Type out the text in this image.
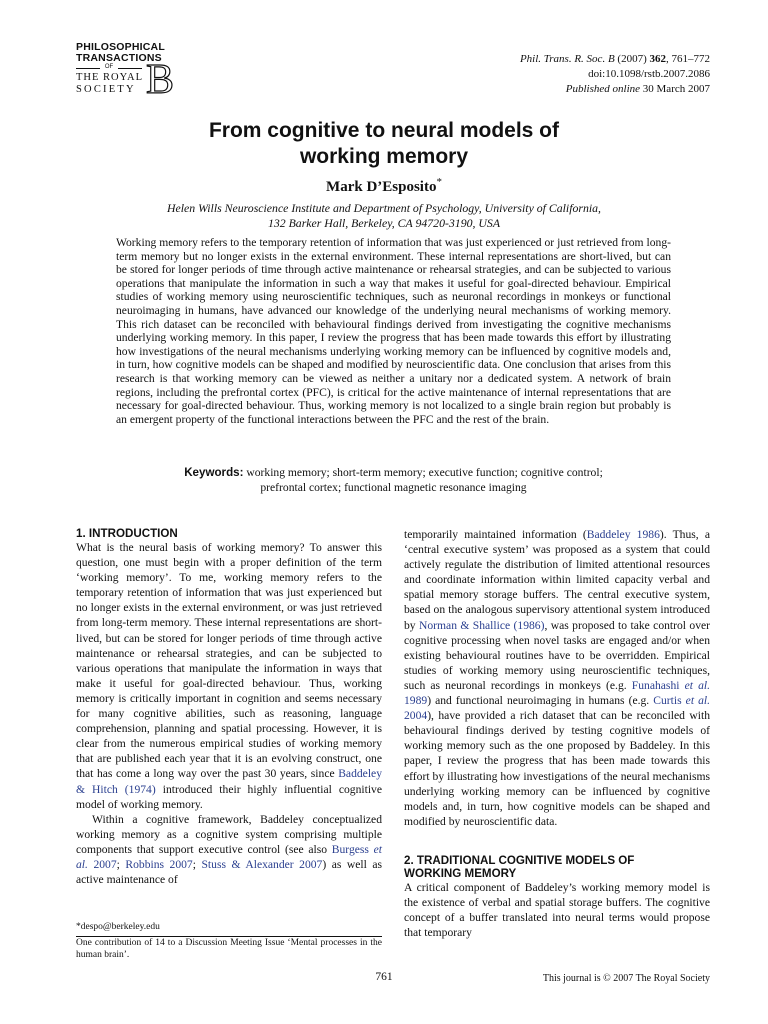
PHILOSOPHICAL
TRANSACTIONS
OF
THE ROYAL
SOCIETY B	Phil. Trans. R. Soc. B (2007) 362, 761–772
doi:10.1098/rstb.2007.2086
Published online 30 March 2007
From cognitive to neural models of
working memory
Mark D’Esposito*
Helen Wills Neuroscience Institute and Department of Psychology, University of California,
132 Barker Hall, Berkeley, CA 94720-3190, USA
Working memory refers to the temporary retention of information that was just experienced or just retrieved from long-term memory but no longer exists in the external environment. These internal representations are short-lived, but can be stored for longer periods of time through active maintenance or rehearsal strategies, and can be subjected to various operations that manipulate the information in such a way that makes it useful for goal-directed behaviour. Empirical studies of working memory using neuroscientific techniques, such as neuronal recordings in monkeys or functional neuroimaging in humans, have advanced our knowledge of the underlying neural mechanisms of working memory. This rich dataset can be reconciled with behavioural findings derived from investigating the cognitive mechanisms underlying working memory. In this paper, I review the progress that has been made towards this effort by illustrating how investigations of the neural mechanisms underlying working memory can be influenced by cognitive models and, in turn, how cognitive models can be shaped and modified by neuroscientific data. One conclusion that arises from this research is that working memory can be viewed as neither a unitary nor a dedicated system. A network of brain regions, including the prefrontal cortex (PFC), is critical for the active maintenance of internal representations that are necessary for goal-directed behaviour. Thus, working memory is not localized to a single brain region but probably is an emergent property of the functional interactions between the PFC and the rest of the brain.
Keywords: working memory; short-term memory; executive function; cognitive control;
prefrontal cortex; functional magnetic resonance imaging
1. INTRODUCTION

What is the neural basis of working memory? To answer this question, one must begin with a proper definition of the term ‘working memory’. To me, working memory refers to the temporary retention of information that was just experienced but no longer exists in the external environment, or was just retrieved from long-term memory. These internal representations are short-lived, but can be stored for longer periods of time through active maintenance or rehearsal strategies, and can be subjected to various operations that manipulate the information in ways that make it useful for goal-directed behaviour. Thus, working memory is critically important in cognition and seems necessary for many cognitive abilities, such as reasoning, language comprehension, planning and spatial processing. However, it is clear from the numerous empirical studies of working memory that are published each year that it is an evolving construct, one that has come a long way over the past 30 years, since Baddeley & Hitch (1974) introduced their highly influential cognitive model of working memory.

Within a cognitive framework, Baddeley conceptualized working memory as a cognitive system comprising multiple components that support executive control (see also Burgess et al. 2007; Robbins 2007; Stuss & Alexander 2007) as well as active maintenance of

temporarily maintained information (Baddeley 1986). Thus, a ‘central executive system’ was proposed as a system that could actively regulate the distribution of limited attentional resources and coordinate information within limited capacity verbal and spatial memory storage buffers. The central executive system, based on the analogous supervisory attentional system introduced by Norman & Shallice (1986), was proposed to take control over cognitive processing when novel tasks are engaged and/or when existing behavioural routines have to be overridden. Empirical studies of working memory using neuroscientific techniques, such as neuronal recordings in monkeys (e.g. Funahashi et al. 1989) and functional neuroimaging in humans (e.g. Curtis et al. 2004), have provided a rich dataset that can be reconciled with behavioural findings derived by testing cognitive models of working memory such as the one proposed by Baddeley. In this paper, I review the progress that has been made towards this effort by illustrating how investigations of the neural mechanisms underlying working memory can be influenced by cognitive models and, in turn, how cognitive models can be shaped and modified by neuroscientific data.

2. TRADITIONAL COGNITIVE MODELS OF
WORKING MEMORY

A critical component of Baddeley’s working memory model is the existence of verbal and spatial storage buffers. The cognitive concept of a buffer translated into neural terms would propose that temporary

*despo@berkeley.edu
One contribution of 14 to a Discussion Meeting Issue ‘Mental processes in the human brain’.
761	This journal is © 2007 The Royal Society
